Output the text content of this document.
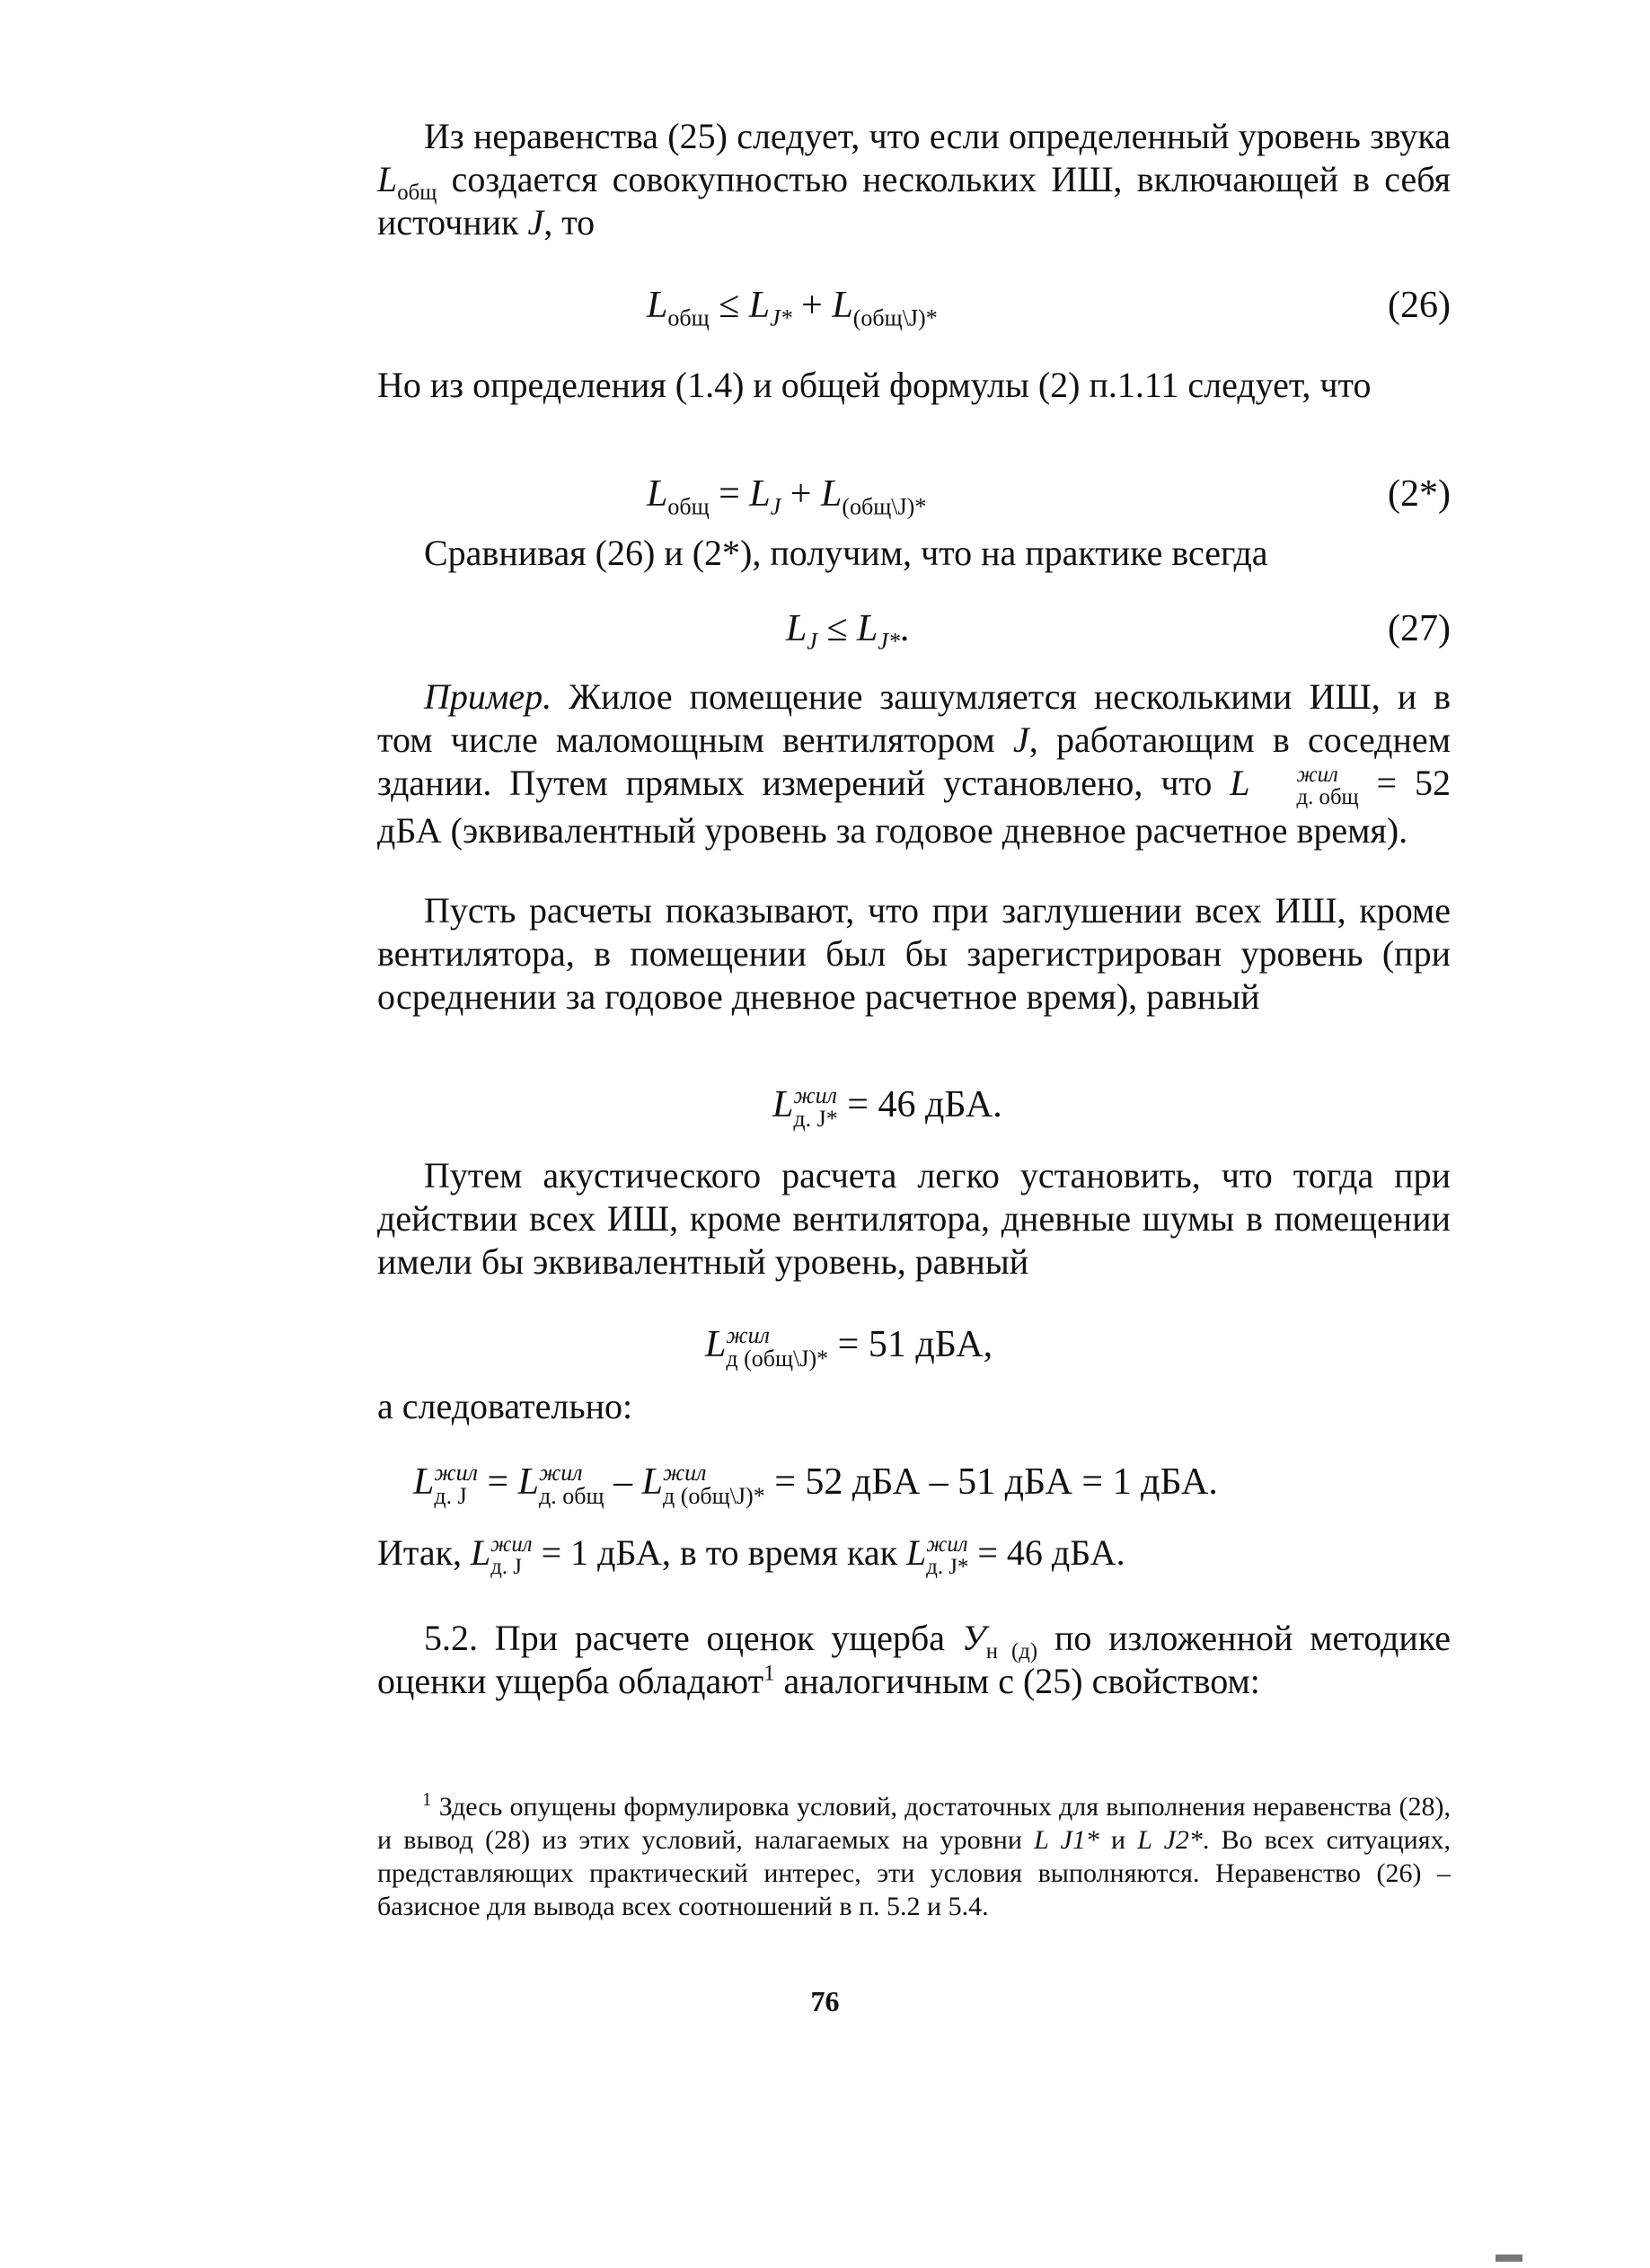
Из неравенства (25) следует, что если определенный уровень звука $L_{общ}$ создается совокупностью нескольких ИШ, включающей в себя источник J, то

$L_{общ} \le L_{J*} + L_{(общ\backslash J)*}$	(26)

Но из определения (1.4) и общей формулы (2) п.1.11 следует, что

$L_{общ} = L_J + L_{(общ\backslash J)*}$	(2*)

Сравнивая (26) и (2*), получим, что на практике всегда

$L_J \le L_{J*}$.	(27)

Пример. Жилое помещение зашумляется несколькими ИШ, и в том числе маломощным вентилятором J, работающим в соседнем здании. Путем прямых измерений установлено, что L	жил
д. общ = 52 дБА (эквивалентный уровень за годовое дневное расчетное время).

Пусть расчеты показывают, что при заглушении всех ИШ, кроме вентилятора, в помещении был бы зарегистрирован уровень (при осреднении за годовое дневное расчетное время), равный

L жил
д. J* = 46 дБА.

Путем акустического расчета легко установить, что тогда при действии всех ИШ, кроме вентилятора, дневные шумы в помещении имели бы эквивалентный уровень, равный

L жил
д (общ\J)* = 51 дБА,

а следовательно:

L жил
д. J = L жил
д. общ – L жил
д (общ\J)* = 52 дБА – 51 дБА = 1 дБА.

Итак, L жил
д. J = 1 дБА, в то время как L жил
д. J* = 46 дБА.

5.2. При расчете оценок ущерба $У_{н (д)}$ по изложенной методике оценки ущерба обладают$^1$ аналогичным с (25) свойством:

$^1$ Здесь опущены формулировка условий, достаточных для выполнения неравенства (28), и вывод (28) из этих условий, налагаемых на уровни L J1* и L J2*. Во всех ситуациях, представляющих практический интерес, эти условия выполняются. Неравенство (26) – базисное для вывода всех соотношений в п. 5.2 и 5.4.
76
